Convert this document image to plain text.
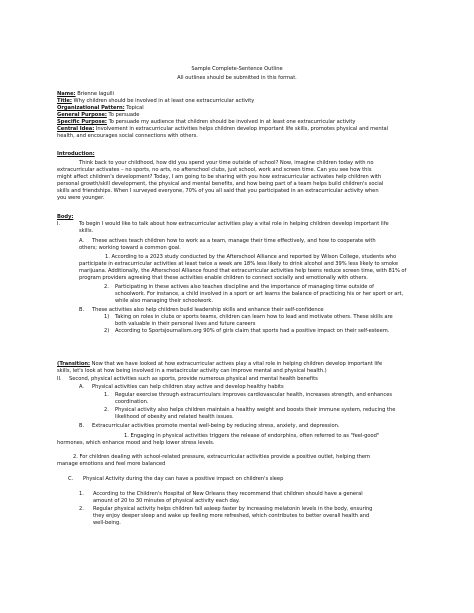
Sample Complete-Sentence Outline
All outlines should be submitted in this format.
Name: Brienne Iagulli
Title: Why children should be involved in at least one extracurricular activity
Organizational Pattern: Topical
General Purpose: To persuade
Specific Purpose: To persuade my audience that children should be involved in at least one extracurricular activity
Central Idea: Involvement in extracurricular activities helps children develop important life skills, promotes physical and mental
health, and encourages social connections with others.
Introduction:
Think back to your childhood, how did you spend your time outside of school? Now, imagine children today with no
extracurricular activates – no sports, no arts, no afterschool clubs, just school, work and screen time. Can you see how this
might affect children's development? Today, I am going to be sharing with you how extracurricular activates help children with
personal growth/skill development, the physical and mental benefits, and how being part of a team helps build children's social
skills and friendships. When I surveyed everyone, 70% of you all said that you participated in an extracurricular activity when
you were younger.
Body:
I.	To begin I would like to talk about how extracurricular activities play a vital role in helping children develop important life
skills.
A. These actives teach children how to work as a team, manage their time effectively, and how to cooperate with
others; working toward a common goal.
1. According to a 2023 study conducted by the Afterschool Alliance and reported by Wilson College, students who
participate in extracurricular activities at least twice a week are 18% less likely to drink alcohol and 39% less likely to smoke
marijuana. Additionally, the Afterschool Alliance found that extracurricular activities help teens reduce screen time, with 81% of
program providers agreeing that these activities enable children to connect socially and emotionally with others.
2. Participating in these actives also teaches discipline and the importance of managing time outside of
schoolwork. For instance, a child involved in a sport or art learns the balance of practicing his or her sport or art,
while also managing their schoolwork.
B. These activities also help children build leadership skills and enhance their self-confidence
1) Taking on roles in clubs or sports teams, children can learn how to lead and motivate others. These skills are
both valuable in their personal lives and future careers
2) According to Sportsjournalism.org 90% of girls claim that sports had a positive impact on their self-esteem.
(Transition: Now that we have looked at how extracurricular actives play a vital role in helping children develop important life
skills, let's look at how being involved in a metacircular activity can improve mental and physical health.)
II. Second, physical activities such as sports, provide numerous physical and mental health benefits
A. Physical activities can help children stay active and develop healthy habits
1. Regular exercise through extracurriculars improves cardiovascular health, increases strength, and enhances
coordination.
2. Physical activity also helps children maintain a healthy weight and boosts their immune system, reducing the
likelihood of obesity and related health issues.
B. Extracurricular activities promote mental well-being by reducing stress, anxiety, and depression.
1. Engaging in physical activities triggers the release of endorphins, often referred to as "feel-good"
hormones, which enhance mood and help lower stress levels.
2. For children dealing with school-related pressure, extracurricular activities provide a positive outlet, helping them
manage emotions and feel more balanced
C. Physical Activity during the day can have a positive impact on children's sleep
1. According to the Children's Hospital of New Orleans they recommend that children should have a general
amount of 20 to 30 minutes of physical activity each day.
2. Regular physical activity helps children fall asleep faster by increasing melatonin levels in the body, ensuring
they enjoy deeper sleep and wake up feeling more refreshed, which contributes to better overall health and
well-being.
